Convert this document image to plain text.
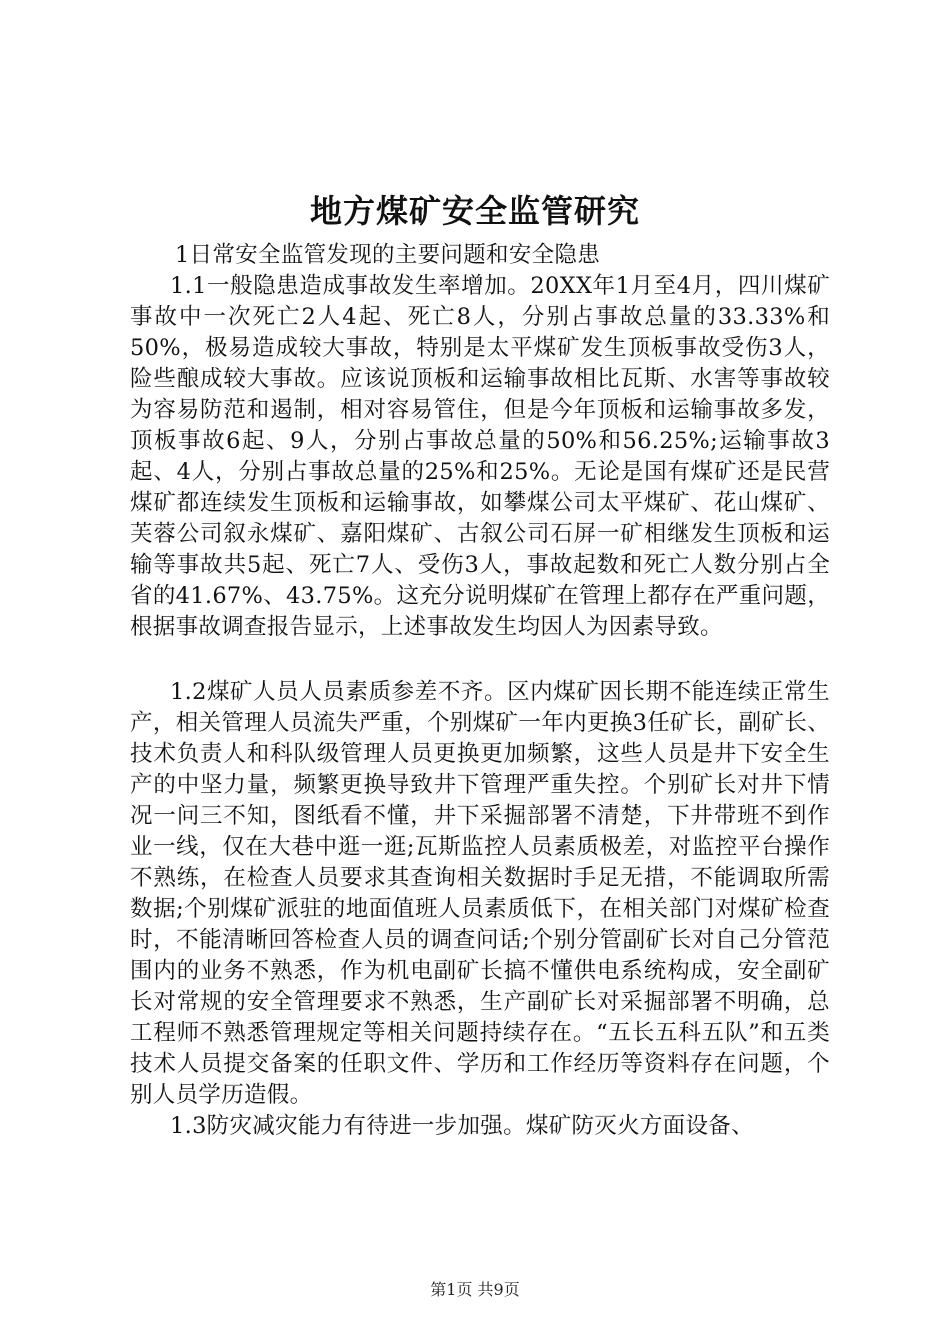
地方煤矿安全监管研究

1日常安全监管发现的主要问题和安全隐患

1.1一般隐患造成事故发生率增加。20XX年1月至4月，四川煤矿事故中一次死亡2人4起、死亡8人，分别占事故总量的33.33%和50%，极易造成较大事故，特别是太平煤矿发生顶板事故受伤3人，险些酿成较大事故。应该说顶板和运输事故相比瓦斯、水害等事故较为容易防范和遏制，相对容易管住，但是今年顶板和运输事故多发，顶板事故6起、9人，分别占事故总量的50%和56.25%;运输事故3起、4人，分别占事故总量的25%和25%。无论是国有煤矿还是民营煤矿都连续发生顶板和运输事故，如攀煤公司太平煤矿、花山煤矿、芙蓉公司叙永煤矿、嘉阳煤矿、古叙公司石屏一矿相继发生顶板和运输等事故共5起、死亡7人、受伤3人，事故起数和死亡人数分别占全省的41.67%、43.75%。这充分说明煤矿在管理上都存在严重问题，根据事故调查报告显示，上述事故发生均因人为因素导致。

1.2煤矿人员人员素质参差不齐。区内煤矿因长期不能连续正常生产，相关管理人员流失严重，个别煤矿一年内更换3任矿长，副矿长、技术负责人和科队级管理人员更换更加频繁，这些人员是井下安全生产的中坚力量，频繁更换导致井下管理严重失控。个别矿长对井下情况一问三不知，图纸看不懂，井下采掘部署不清楚，下井带班不到作业一线，仅在大巷中逛一逛;瓦斯监控人员素质极差，对监控平台操作不熟练，在检查人员要求其查询相关数据时手足无措，不能调取所需数据;个别煤矿派驻的地面值班人员素质低下，在相关部门对煤矿检查时，不能清晰回答检查人员的调查问话;个别分管副矿长对自己分管范围内的业务不熟悉，作为机电副矿长搞不懂供电系统构成，安全副矿长对常规的安全管理要求不熟悉，生产副矿长对采掘部署不明确，总工程师不熟悉管理规定等相关问题持续存在。“五长五科五队”和五类技术人员提交备案的任职文件、学历和工作经历等资料存在问题，个别人员学历造假。

1.3防灾减灾能力有待进一步加强。煤矿防灭火方面设备、

第1页 共9页
